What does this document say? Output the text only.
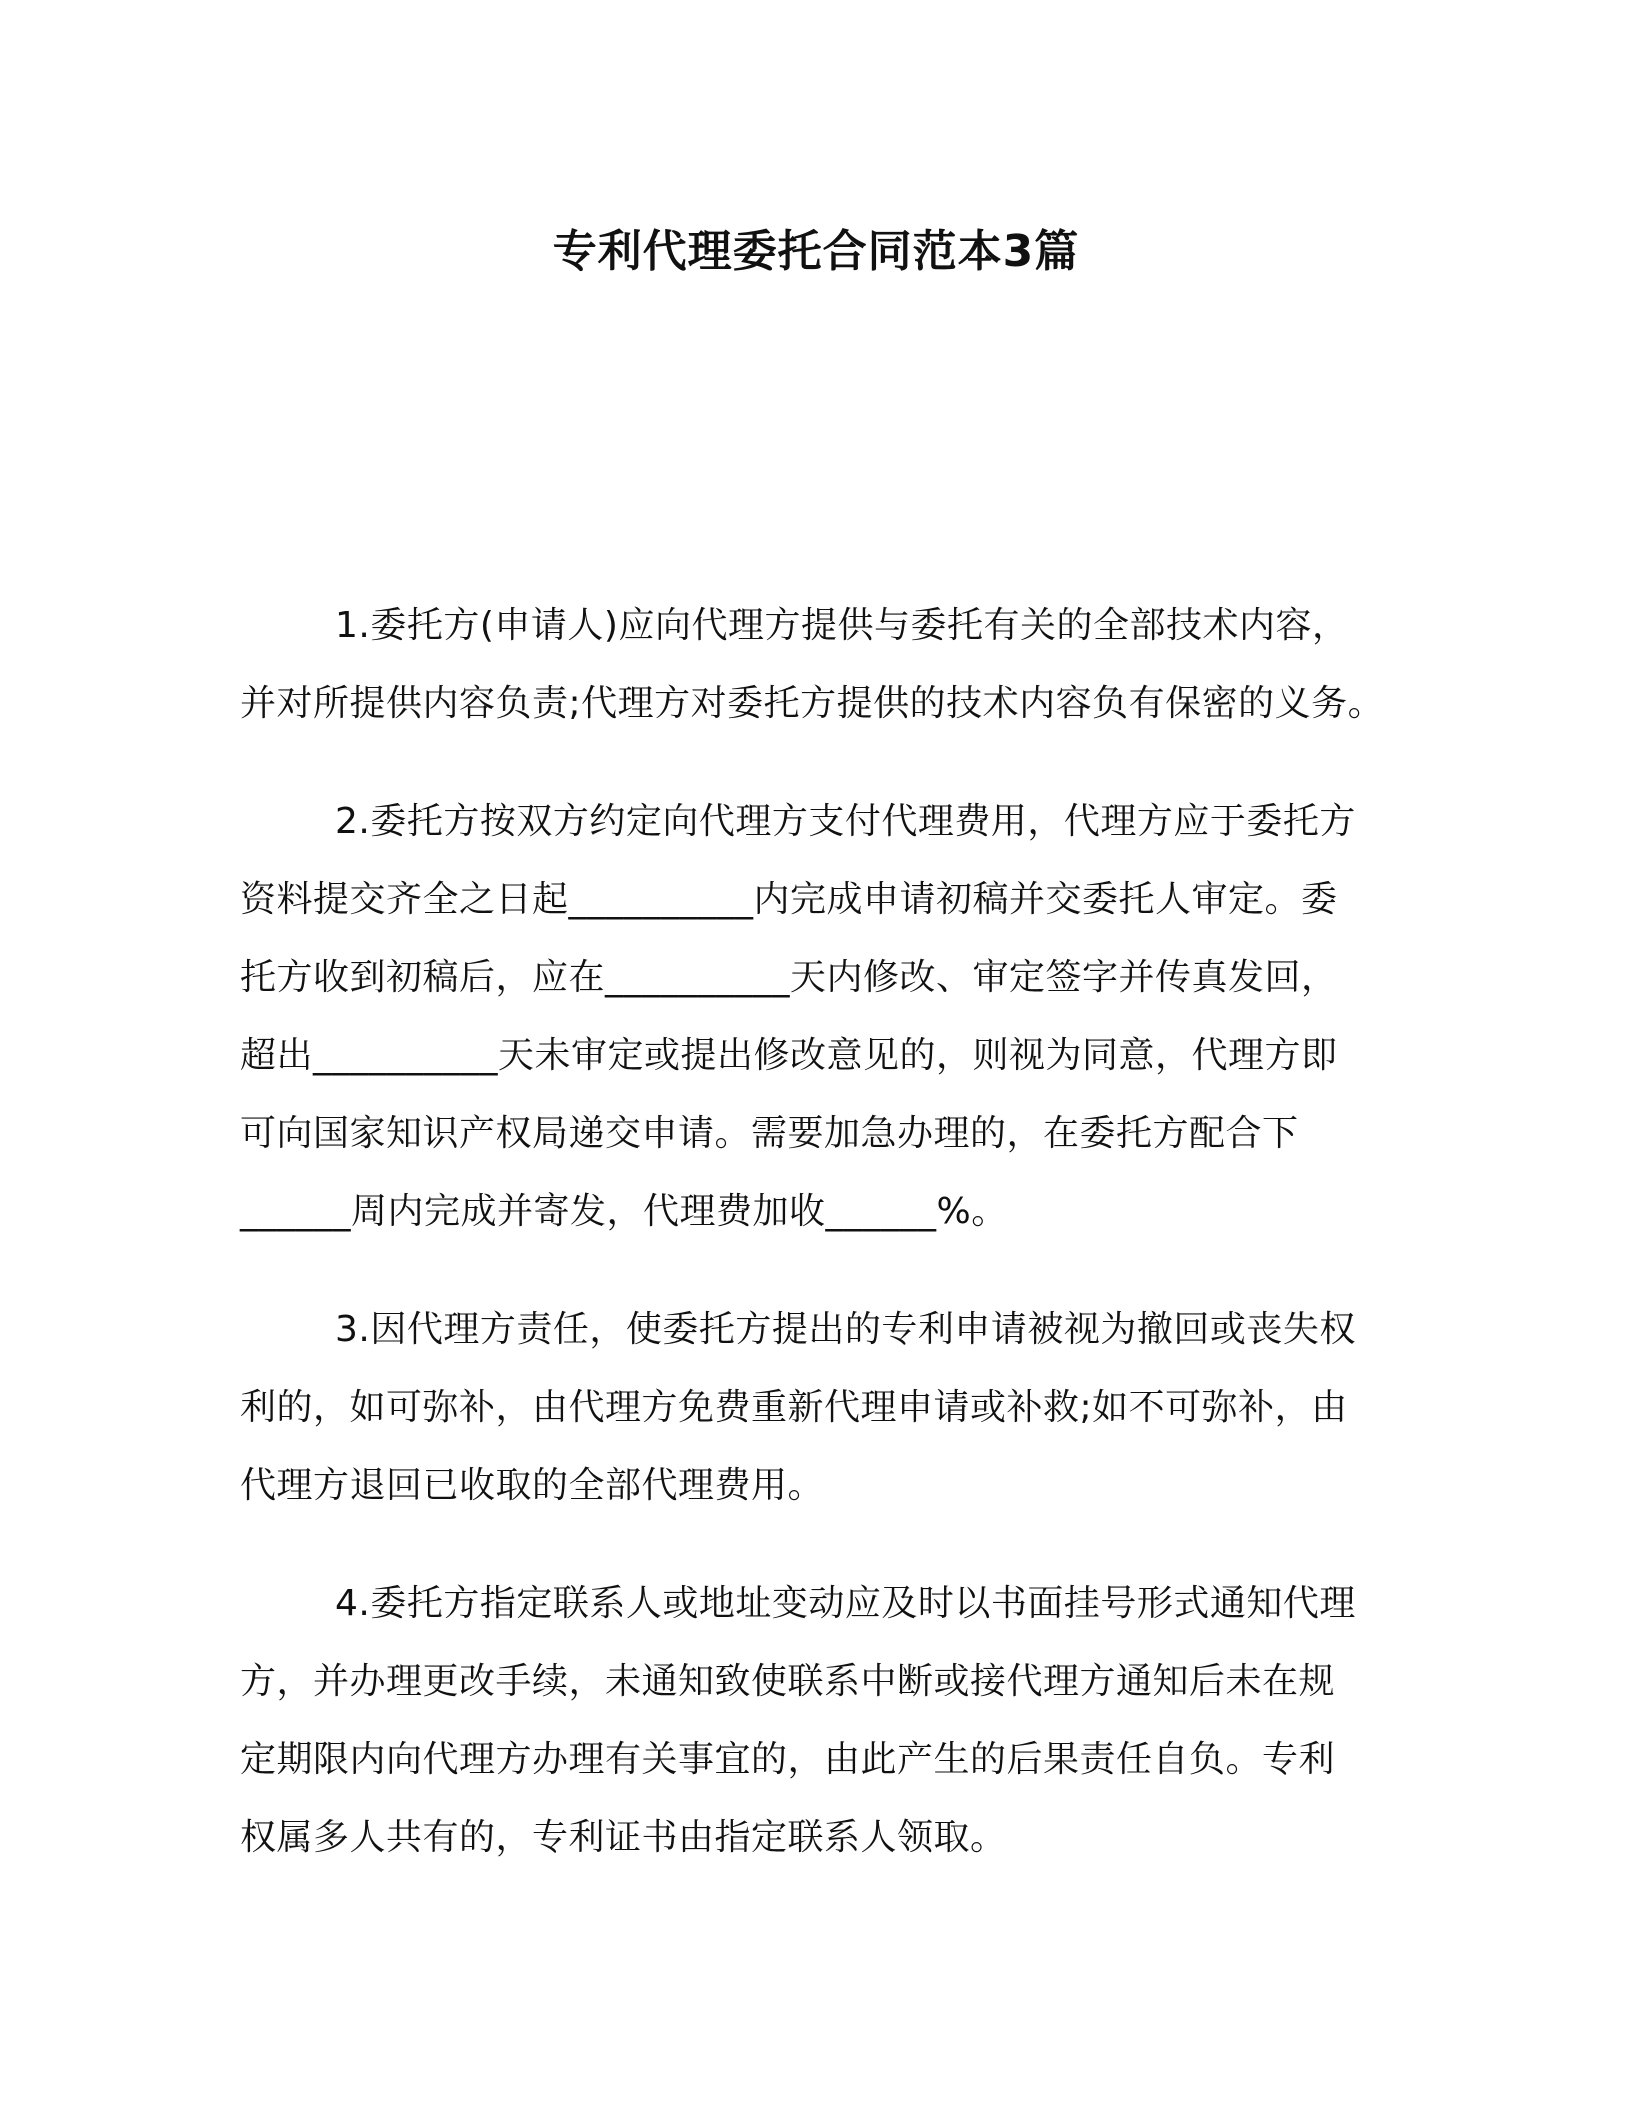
专利代理委托合同范本3篇

1.委托方(申请人)应向代理方提供与委托有关的全部技术内容，
并对所提供内容负责;代理方对委托方提供的技术内容负有保密的义务。

2.委托方按双方约定向代理方支付代理费用，代理方应于委托方
资料提交齐全之日起__________内完成申请初稿并交委托人审定。委
托方收到初稿后，应在__________天内修改、审定签字并传真发回，
超出__________天未审定或提出修改意见的，则视为同意，代理方即
可向国家知识产权局递交申请。需要加急办理的，在委托方配合下
______周内完成并寄发，代理费加收______%。

3.因代理方责任，使委托方提出的专利申请被视为撤回或丧失权
利的，如可弥补，由代理方免费重新代理申请或补救;如不可弥补，由
代理方退回已收取的全部代理费用。

4.委托方指定联系人或地址变动应及时以书面挂号形式通知代理
方，并办理更改手续，未通知致使联系中断或接代理方通知后未在规
定期限内向代理方办理有关事宜的，由此产生的后果责任自负。专利
权属多人共有的，专利证书由指定联系人领取。
